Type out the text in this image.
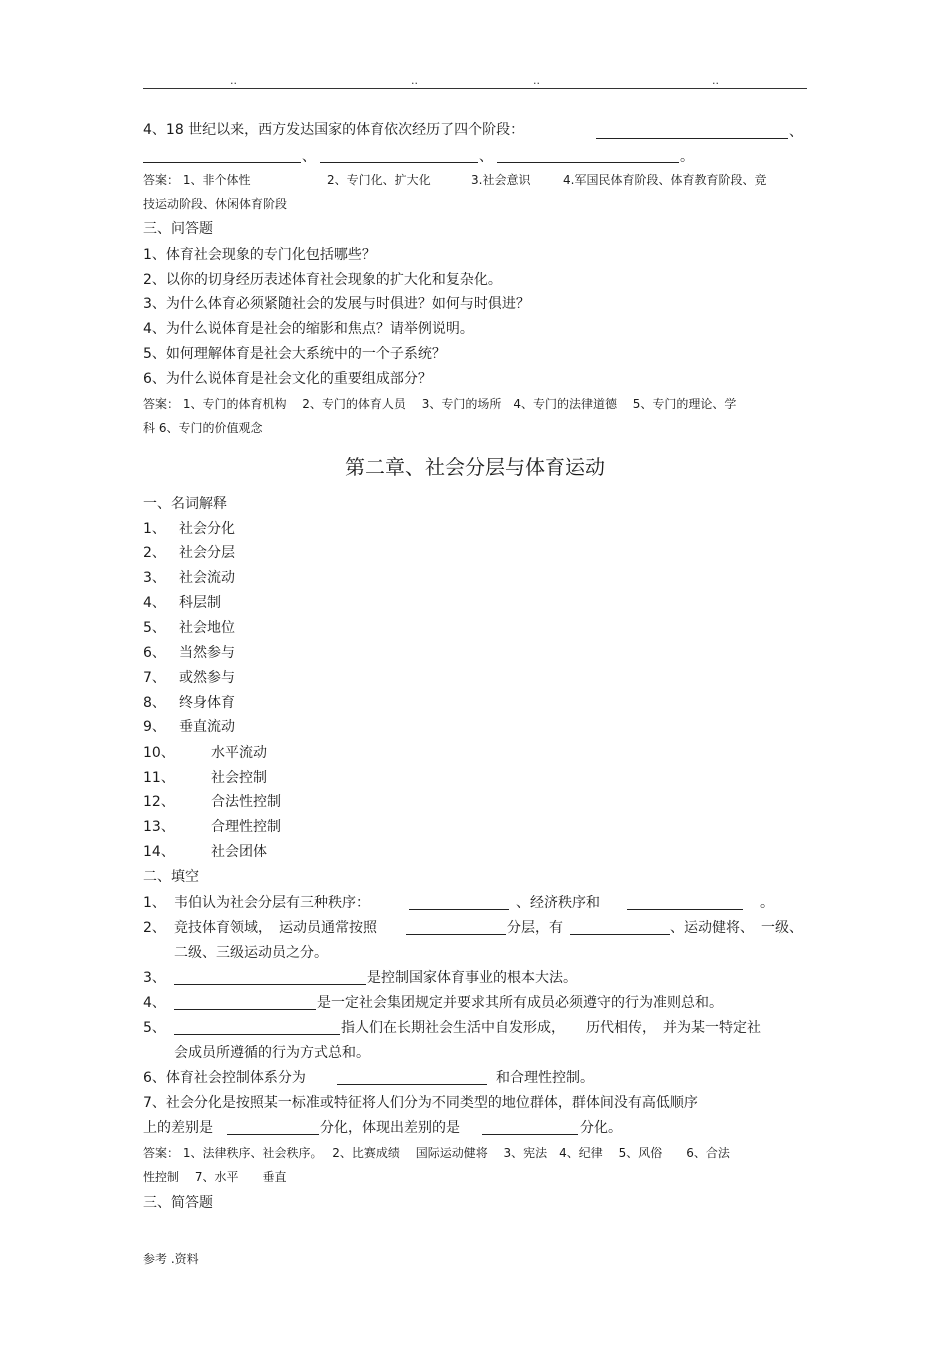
..	..	..	..
4、18 世纪以来，西方发达国家的体育依次经历了四个阶段：	、
、	、	。
答案： 1、非个体性	2、专门化、扩大化	3.社会意识	4.军国民体育阶段、体育教育阶段、竞
技运动阶段、休闲体育阶段
三、问答题
1、体育社会现象的专门化包括哪些？
2、以你的切身经历表述体育社会现象的扩大化和复杂化。
3、为什么体育必须紧随社会的发展与时俱进？如何与时俱进？
4、为什么说体育是社会的缩影和焦点？请举例说明。
5、如何理解体育是社会大系统中的一个子系统？
6、为什么说体育是社会文化的重要组成部分？
答案： 1、专门的体育机构　 2、专门的体育人员　 3、专门的场所　4、专门的法律道德　 5、专门的理论、学
科 6、专门的价值观念
第二章、社会分层与体育运动
一、名词解释
1、 社会分化
2、 社会分层
3、 社会流动
4、 科层制
5、 社会地位
6、 当然参与
7、 或然参与
8、 终身体育
9、 垂直流动
10、	水平流动
11、	社会控制
12、	合法性控制
13、	合理性控制
14、	社会团体
二、填空
1、 韦伯认为社会分层有三种秩序：	、经济秩序和	。
2、 竞技体育领域，　运动员通常按照	分层，有	、运动健将、　一级、
二级、三级运动员之分。
3、	是控制国家体育事业的根本大法。
4、	是一定社会集团规定并要求其所有成员必须遵守的行为准则总和。
5、	指人们在长期社会生活中自发形成，　　历代相传，　并为某一特定社
会成员所遵循的行为方式总和。
6、体育社会控制体系分为	和合理性控制。
7、社会分化是按照某一标准或特征将人们分为不同类型的地位群体，群体间没有高低顺序
上的差别是	分化，体现出差别的是	分化。
答案： 1、法律秩序、社会秩序。　 2、比赛成绩　 国际运动健将　 3、宪法　4、纪律　 5、风俗　　6、合法
性控制　 7、水平　　垂直
三、简答题
参考 .资料
